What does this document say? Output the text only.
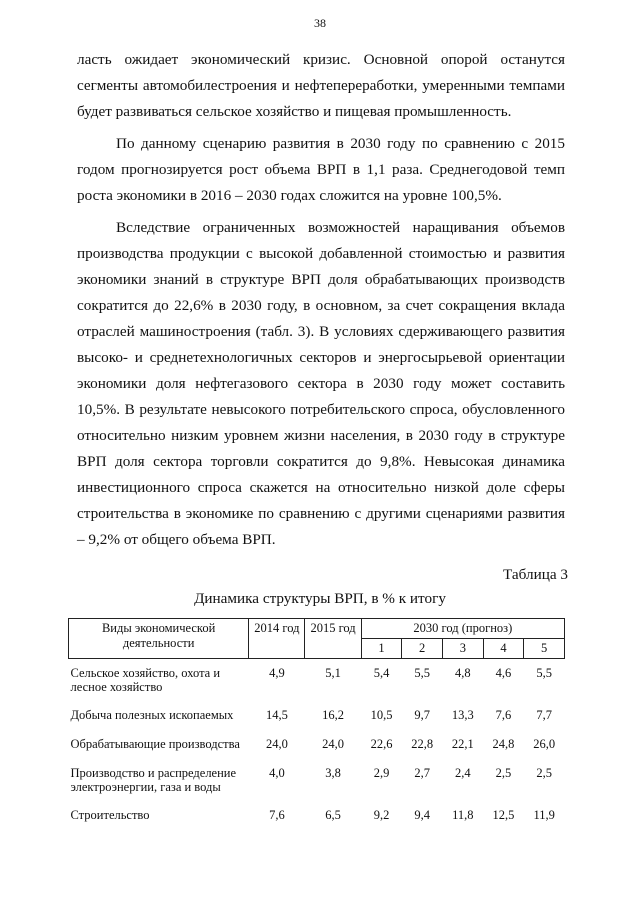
38

ласть ожидает экономический кризис. Основной опорой останутся сегменты автомобилестроения и нефтепереработки, умеренными темпами будет развиваться сельское хозяйство и пищевая промышленность.

По данному сценарию развития в 2030 году по сравнению с 2015 годом прогнозируется рост объема ВРП в 1,1 раза. Среднегодовой темп роста экономики в 2016 – 2030 годах сложится на уровне 100,5%.

Вследствие ограниченных возможностей наращивания объемов производства продукции с высокой добавленной стоимостью и развития экономики знаний в структуре ВРП доля обрабатывающих производств сократится до 22,6% в 2030 году, в основном, за счет сокращения вклада отраслей машиностроения (табл. 3). В условиях сдерживающего развития высоко- и среднетехнологичных секторов и энергосырьевой ориентации экономики доля нефтегазового сектора в 2030 году может составить 10,5%. В результате невысокого потребительского спроса, обусловленного относительно низким уровнем жизни населения, в 2030 году в структуре ВРП доля сектора торговли сократится до 9,8%. Невысокая динамика инвестиционного спроса скажется на относительно низкой доле сферы строительства в экономике по сравнению с другими сценариями развития – 9,2% от общего объема ВРП.

Таблица 3
Динамика структуры ВРП, в % к итогу
Виды экономической деятельности	2014 год	2015 год	2030 год (прогноз)				
			1	2	3	4	5
Сельское хозяйство, охота и лесное хозяйство	4,9	5,1	5,4	5,5	4,8	4,6	5,5
Добыча полезных ископаемых	14,5	16,2	10,5	9,7	13,3	7,6	7,7
Обрабатывающие производства	24,0	24,0	22,6	22,8	22,1	24,8	26,0
Производство и распределение электроэнергии, газа и воды	4,0	3,8	2,9	2,7	2,4	2,5	2,5
Строительство	7,6	6,5	9,2	9,4	11,8	12,5	11,9
